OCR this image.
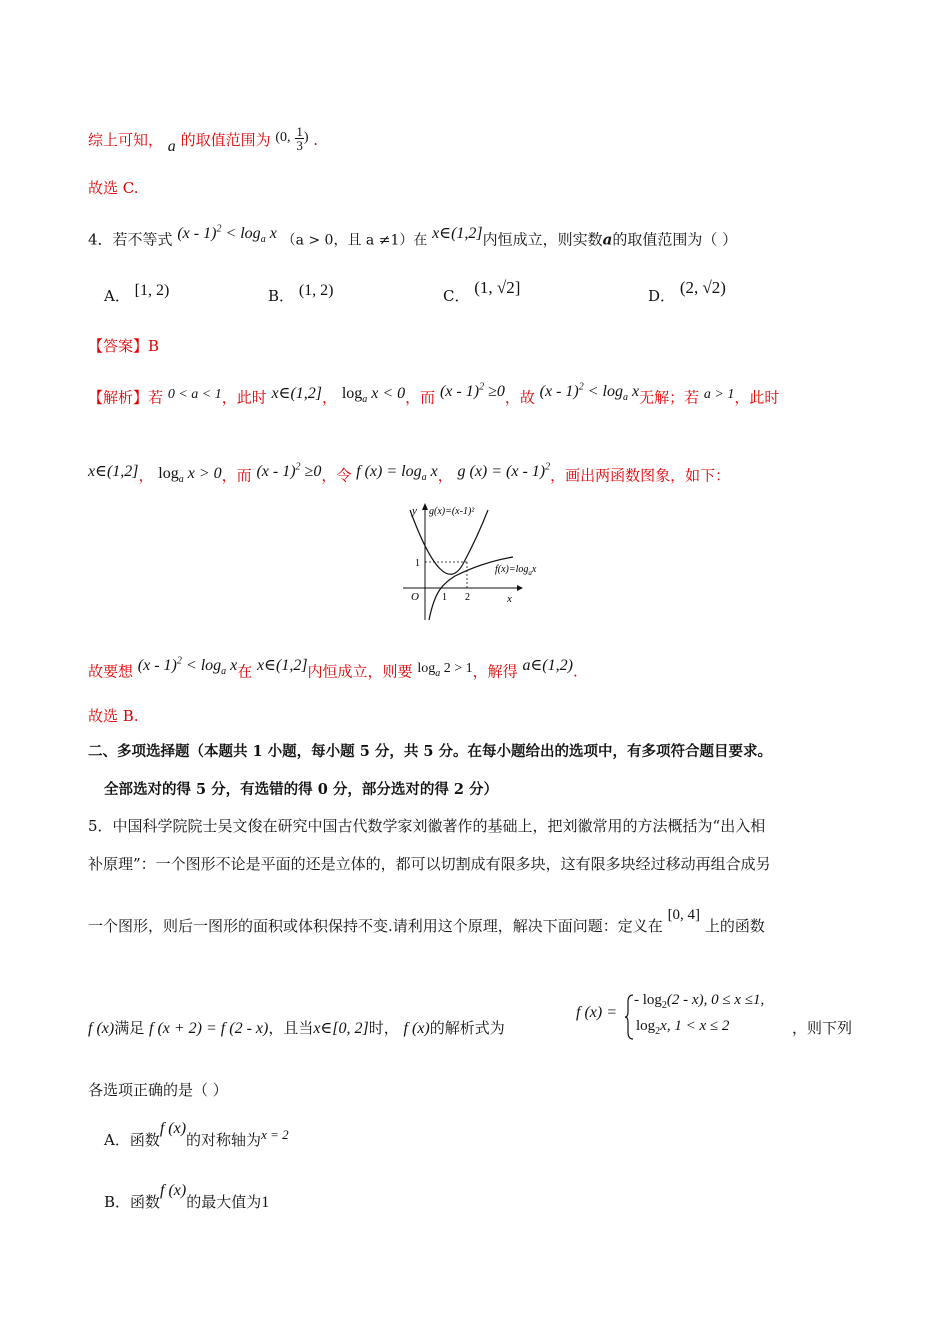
综上可知， a 的取值范围为 (0, $\frac{1}{3}$ ) .
故选 C.
4．若不等式 $(x - 1)^2 < \log_a x$ （a > 0，且 a ≠1）在 x∈(1,2]内恒成立，则实数a的取值范围为（ ）
A． [1, 2)	B． (1, 2)	C． (1, √2]	D． (2, √2)
【答案】B
【解析】若 0 < a < 1，此时 x∈(1,2]， $\log_a x < 0$，而 (x - 1)$^2$ ≥0，故 $(x - 1)^2 < \log_a x$无解；若 a > 1，此时
x∈(1,2]， $\log_a x > 0$，而 (x - 1)$^2$ ≥0，令 f $(x) = \log_a x$， g (x) = (x - 1)$^2$，画出两函数图象，如下：
y
x
O 1 2
1
g(x)=(x-1)²
$f(x)=\log_ax$
故要想 $(x - 1)^2 < \log_a x$在 x∈(1,2]内恒成立，则要 $\log_a 2 > 1$，解得 a∈(1,2).
故选 B.
二、多项选择题（本题共 1 小题，每小题 5 分，共 5 分。在每小题给出的选项中，有多项符合题目要求。
全部选对的得 5 分，有选错的得 0 分，部分选对的得 2 分）
5．中国科学院院士吴文俊在研究中国古代数学家刘徽著作的基础上，把刘徽常用的方法概括为“出入相
补原理”：一个图形不论是平面的还是立体的，都可以切割成有限多块，这有限多块经过移动再组合成另
一个图形，则后一图形的面积或体积保持不变.请利用这个原理，解决下面问题：定义在 [0, 4] 上的函数
f (x)满足 f (x + 2) = f (2 - x)，且当x∈[0, 2]时， f (x)的解析式为
f (x) =
- $\log_2(2 - x)$, 0 ≤ x ≤1,
$\log_2x$, 1 < x ≤ 2	，则下列
各选项正确的是（ ）
A．函数f (x)的对称轴为x = 2
B．函数f (x)的最大值为1
